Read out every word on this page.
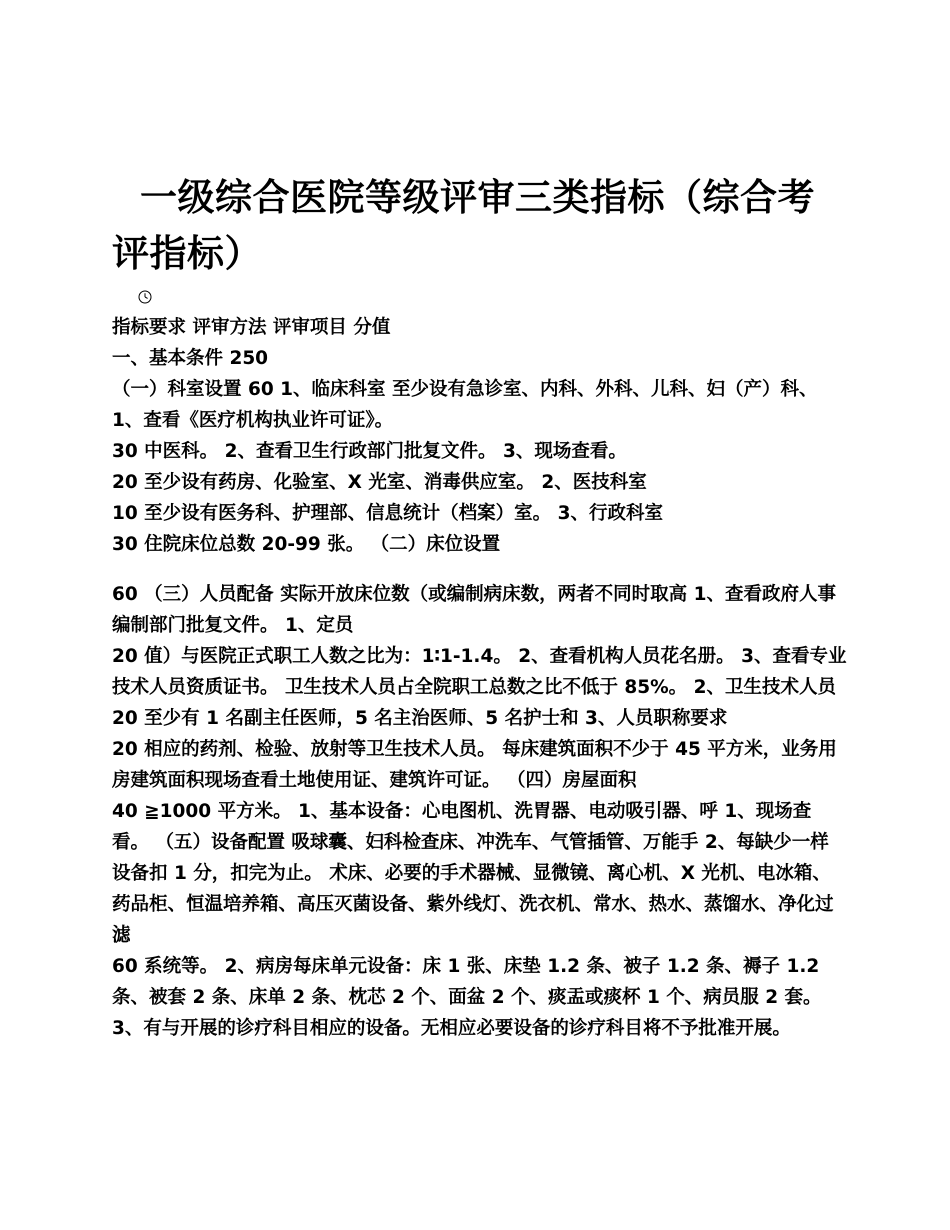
一级综合医院等级评审三类指标（综合考评指标）

指标要求 评审方法 评审项目 分值

一、基本条件 250

（一）科室设置 60 1、临床科室 至少设有急诊室、内科、外科、儿科、妇（产）科、1、查看《医疗机构执业许可证》。

30 中医科。 2、查看卫生行政部门批复文件。 3、现场查看。

20 至少设有药房、化验室、X 光室、消毒供应室。 2、医技科室

10 至少设有医务科、护理部、信息统计（档案）室。 3、行政科室

30 住院床位总数 20-99 张。 （二）床位设置

60 （三）人员配备 实际开放床位数（或编制病床数，两者不同时取高 1、查看政府人事编制部门批复文件。 1、定员

20 值）与医院正式职工人数之比为：1∶1-1.4。 2、查看机构人员花名册。 3、查看专业技术人员资质证书。 卫生技术人员占全院职工总数之比不低于 85%。 2、卫生技术人员 20 至少有 1 名副主任医师，5 名主治医师、5 名护士和 3、人员职称要求

20 相应的药剂、检验、放射等卫生技术人员。 每床建筑面积不少于 45 平方米，业务用房建筑面积现场查看土地使用证、建筑许可证。 （四）房屋面积

40 ≧1000 平方米。 1、基本设备：心电图机、洗胃器、电动吸引器、呼 1、现场查看。 （五）设备配置 吸球囊、妇科检查床、冲洗车、气管插管、万能手 2、每缺少一样设备扣 1 分，扣完为止。 术床、必要的手术器械、显微镜、离心机、X 光机、电冰箱、药品柜、恒温培养箱、高压灭菌设备、紫外线灯、洗衣机、常水、热水、蒸馏水、净化过滤

60 系统等。 2、病房每床单元设备：床 1 张、床垫 1.2 条、被子 1.2 条、褥子 1.2 条、被套 2 条、床单 2 条、枕芯 2 个、面盆 2 个、痰盂或痰杯 1 个、病员服 2 套。 3、有与开展的诊疗科目相应的设备。无相应必要设备的诊疗科目将不予批准开展。
